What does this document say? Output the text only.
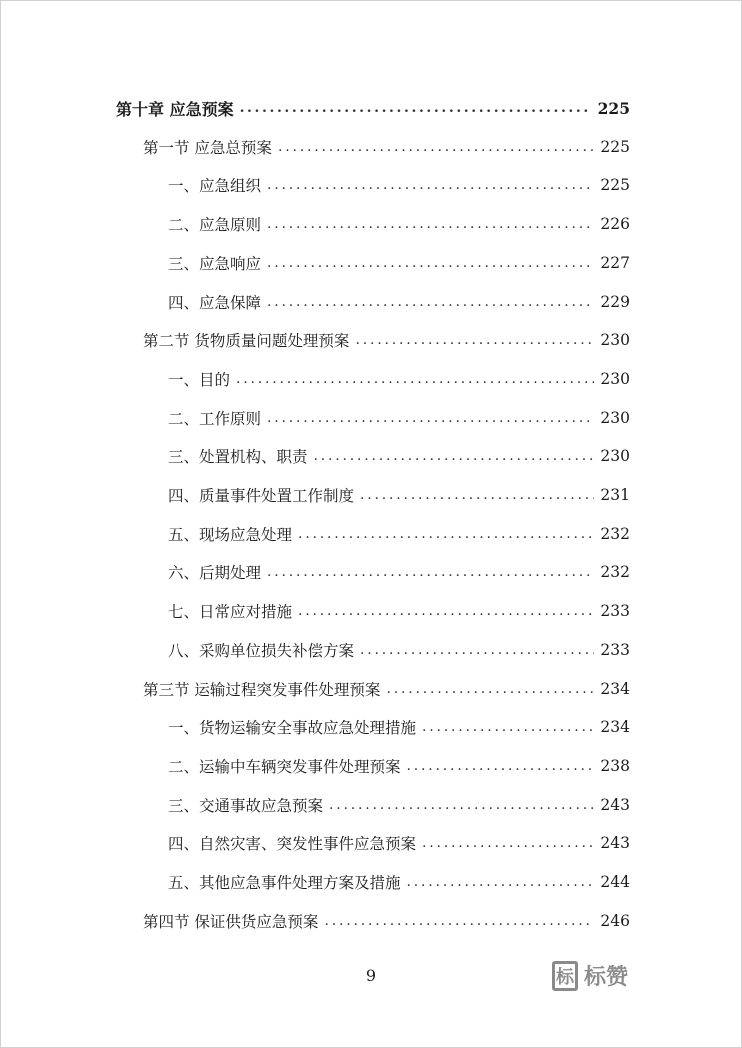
第十章 应急预案 .....	225
第一节 应急总预案 .....	225
一、应急组织 .....	225
二、应急原则 .....	226
三、应急响应 .....	227
四、应急保障 .....	229
第二节 货物质量问题处理预案 .....	230
一、目的 .....	230
二、工作原则 .....	230
三、处置机构、职责 .....	230
四、质量事件处置工作制度 .....	231
五、现场应急处理 .....	232
六、后期处理 .....	232
七、日常应对措施 .....	233
八、采购单位损失补偿方案 .....	233
第三节 运输过程突发事件处理预案 .....	234
一、货物运输安全事故应急处理措施 .....	234
二、运输中车辆突发事件处理预案 .....	238
三、交通事故应急预案 .....	243
四、自然灾害、突发性事件应急预案 .....	243
五、其他应急事件处理方案及措施 .....	244
第四节 保证供货应急预案 .....	246
9	标 标赞
